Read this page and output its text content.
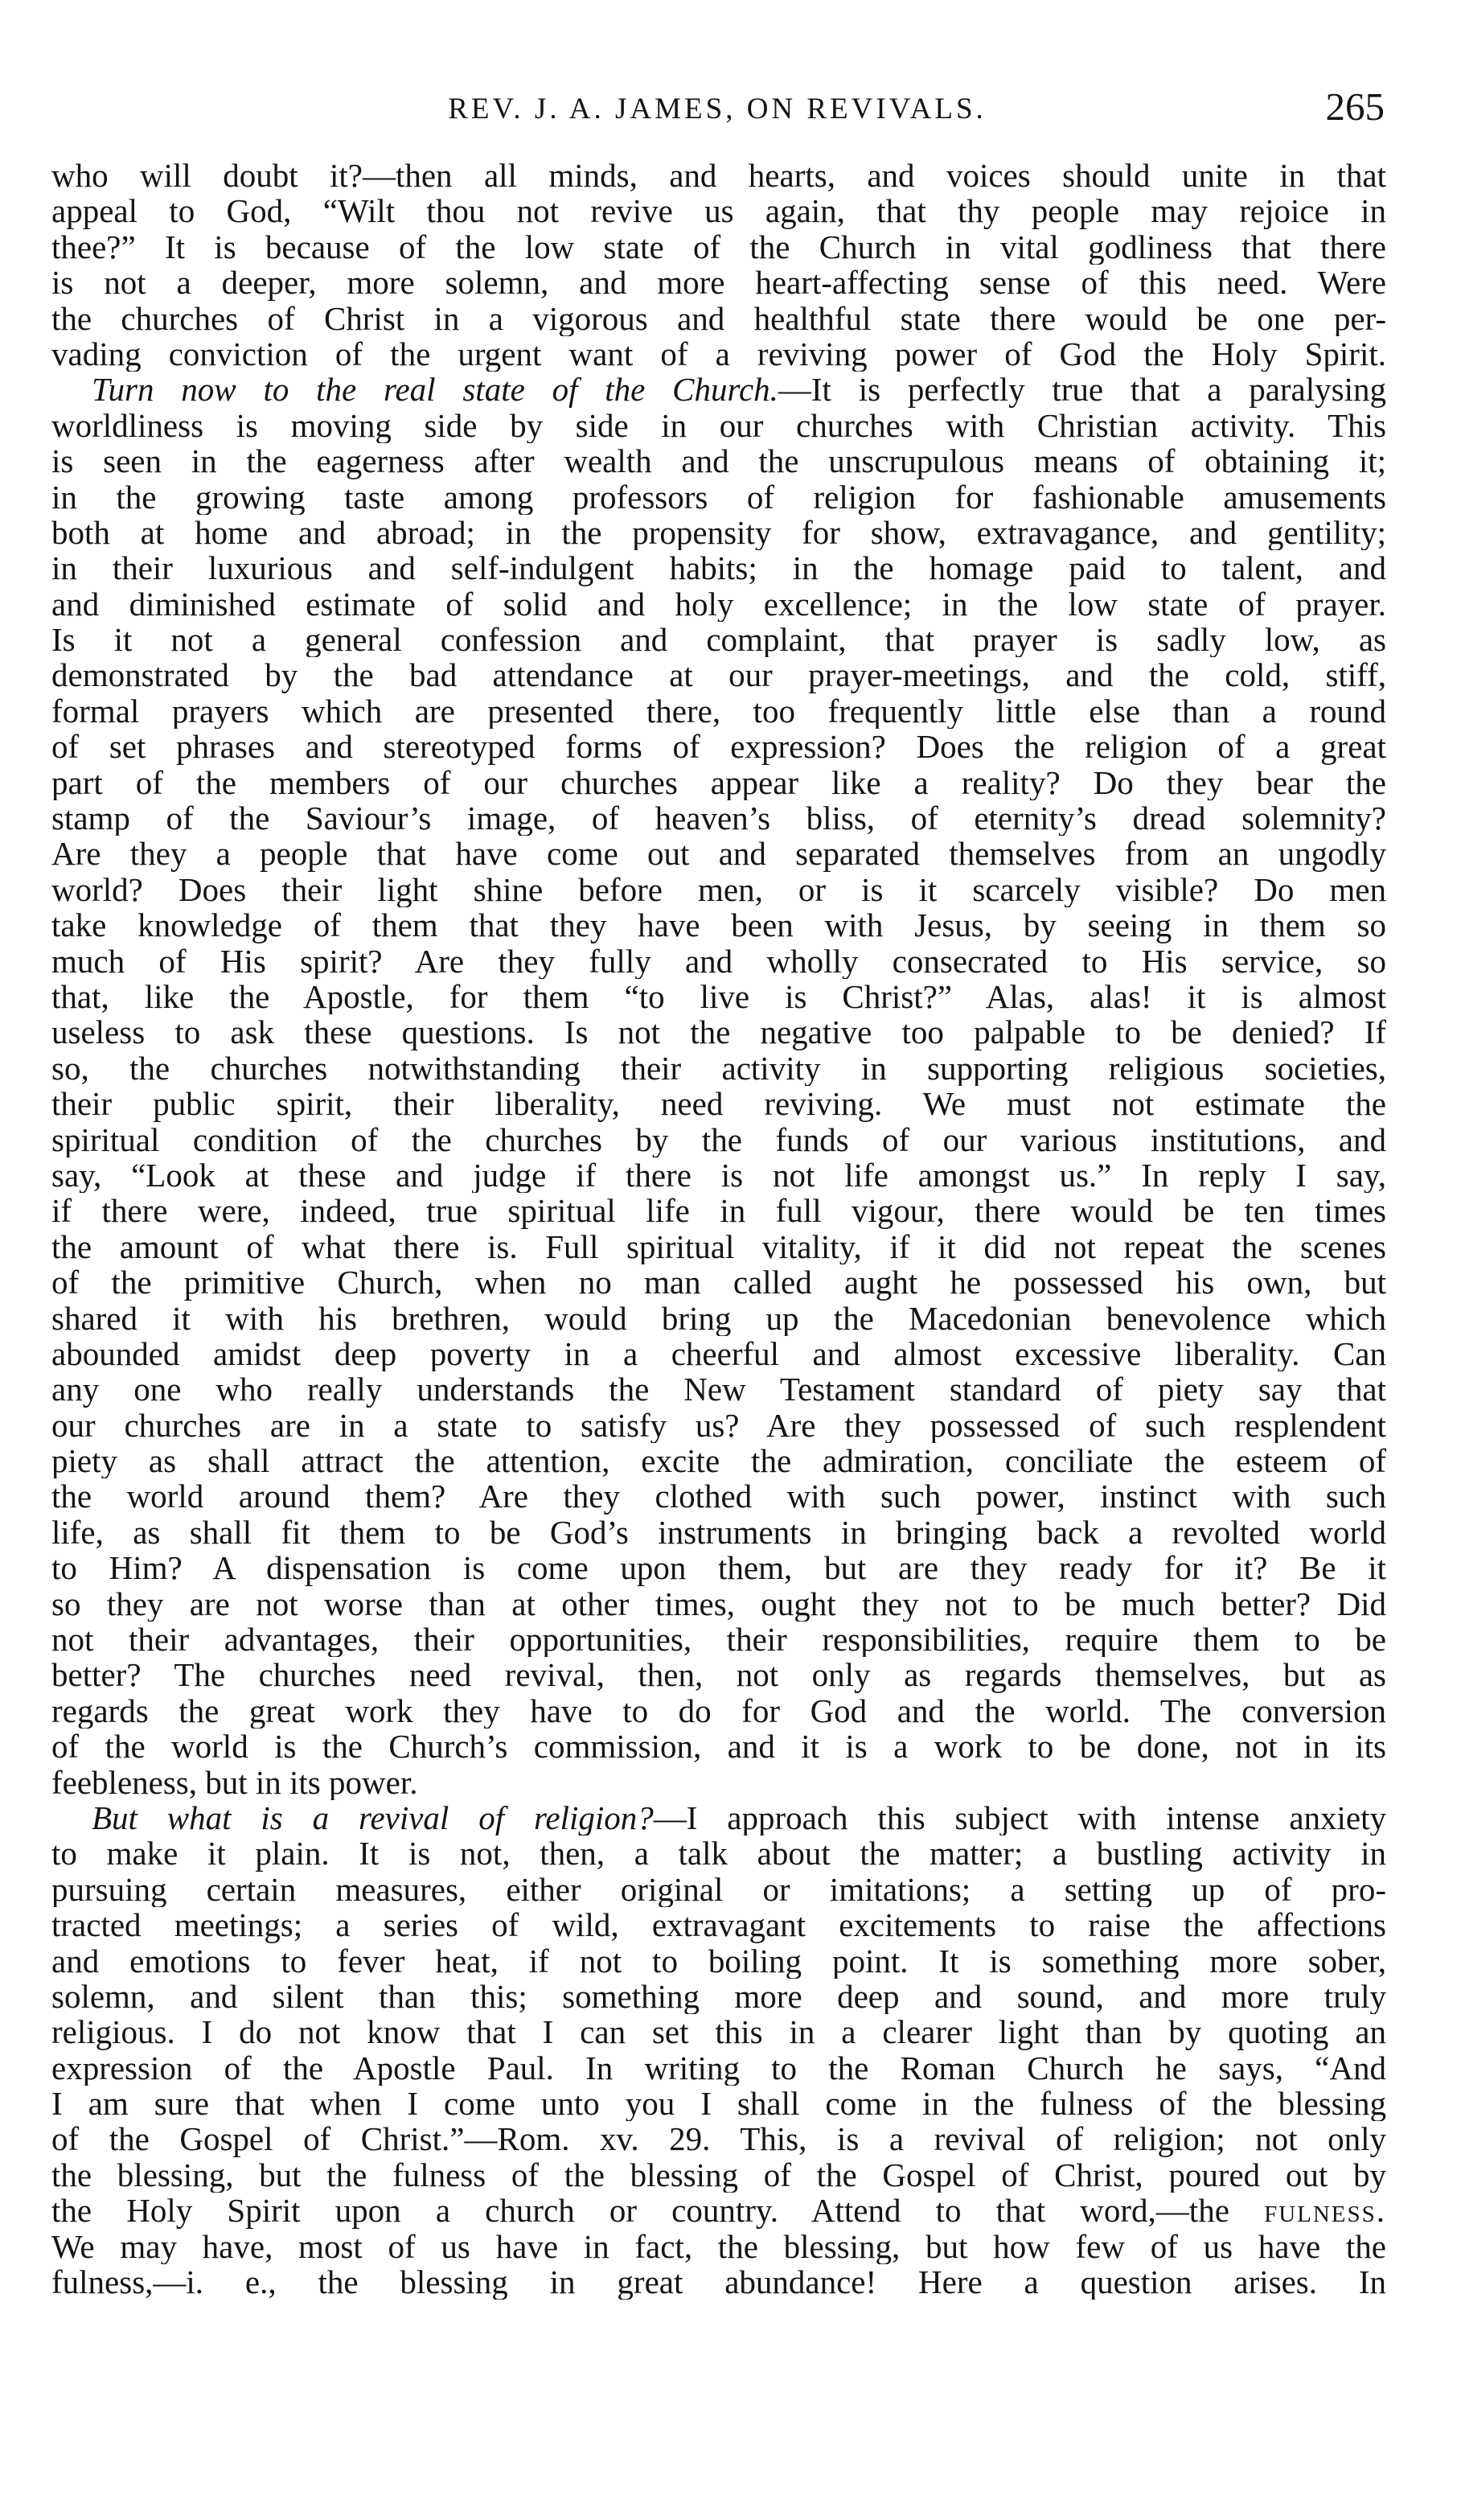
REV. J. A. JAMES, ON REVIVALS.	265
who will doubt it?—then all minds, and hearts, and voices should unite in that
appeal to God, “Wilt thou not revive us again, that thy people may rejoice in
thee?” It is because of the low state of the Church in vital godliness that there
is not a deeper, more solemn, and more heart-affecting sense of this need. Were
the churches of Christ in a vigorous and healthful state there would be one per-
vading conviction of the urgent want of a reviving power of God the Holy Spirit.
Turn now to the real state of the Church.—It is perfectly true that a paralysing
worldliness is moving side by side in our churches with Christian activity. This
is seen in the eagerness after wealth and the unscrupulous means of obtaining it;
in the growing taste among professors of religion for fashionable amusements
both at home and abroad; in the propensity for show, extravagance, and gentility;
in their luxurious and self-indulgent habits; in the homage paid to talent, and
and diminished estimate of solid and holy excellence; in the low state of prayer.
Is it not a general confession and complaint, that prayer is sadly low, as
demonstrated by the bad attendance at our prayer-meetings, and the cold, stiff,
formal prayers which are presented there, too frequently little else than a round
of set phrases and stereotyped forms of expression? Does the religion of a great
part of the members of our churches appear like a reality? Do they bear the
stamp of the Saviour’s image, of heaven’s bliss, of eternity’s dread solemnity?
Are they a people that have come out and separated themselves from an ungodly
world? Does their light shine before men, or is it scarcely visible? Do men
take knowledge of them that they have been with Jesus, by seeing in them so
much of His spirit? Are they fully and wholly consecrated to His service, so
that, like the Apostle, for them “to live is Christ?” Alas, alas! it is almost
useless to ask these questions. Is not the negative too palpable to be denied? If
so, the churches notwithstanding their activity in supporting religious societies,
their public spirit, their liberality, need reviving. We must not estimate the
spiritual condition of the churches by the funds of our various institutions, and
say, “Look at these and judge if there is not life amongst us.” In reply I say,
if there were, indeed, true spiritual life in full vigour, there would be ten times
the amount of what there is. Full spiritual vitality, if it did not repeat the scenes
of the primitive Church, when no man called aught he possessed his own, but
shared it with his brethren, would bring up the Macedonian benevolence which
abounded amidst deep poverty in a cheerful and almost excessive liberality. Can
any one who really understands the New Testament standard of piety say that
our churches are in a state to satisfy us? Are they possessed of such resplendent
piety as shall attract the attention, excite the admiration, conciliate the esteem of
the world around them? Are they clothed with such power, instinct with such
life, as shall fit them to be God’s instruments in bringing back a revolted world
to Him? A dispensation is come upon them, but are they ready for it? Be it
so they are not worse than at other times, ought they not to be much better? Did
not their advantages, their opportunities, their responsibilities, require them to be
better? The churches need revival, then, not only as regards themselves, but as
regards the great work they have to do for God and the world. The conversion
of the world is the Church’s commission, and it is a work to be done, not in its
feebleness, but in its power.
But what is a revival of religion?—I approach this subject with intense anxiety
to make it plain. It is not, then, a talk about the matter; a bustling activity in
pursuing certain measures, either original or imitations; a setting up of pro-
tracted meetings; a series of wild, extravagant excitements to raise the affections
and emotions to fever heat, if not to boiling point. It is something more sober,
solemn, and silent than this; something more deep and sound, and more truly
religious. I do not know that I can set this in a clearer light than by quoting an
expression of the Apostle Paul. In writing to the Roman Church he says, “And
I am sure that when I come unto you I shall come in the fulness of the blessing
of the Gospel of Christ.”—Rom. xv. 29. This, is a revival of religion; not only
the blessing, but the fulness of the blessing of the Gospel of Christ, poured out by
the Holy Spirit upon a church or country. Attend to that word,—the fulness.
We may have, most of us have in fact, the blessing, but how few of us have the
fulness,—i. e., the blessing in great abundance! Here a question arises. In
